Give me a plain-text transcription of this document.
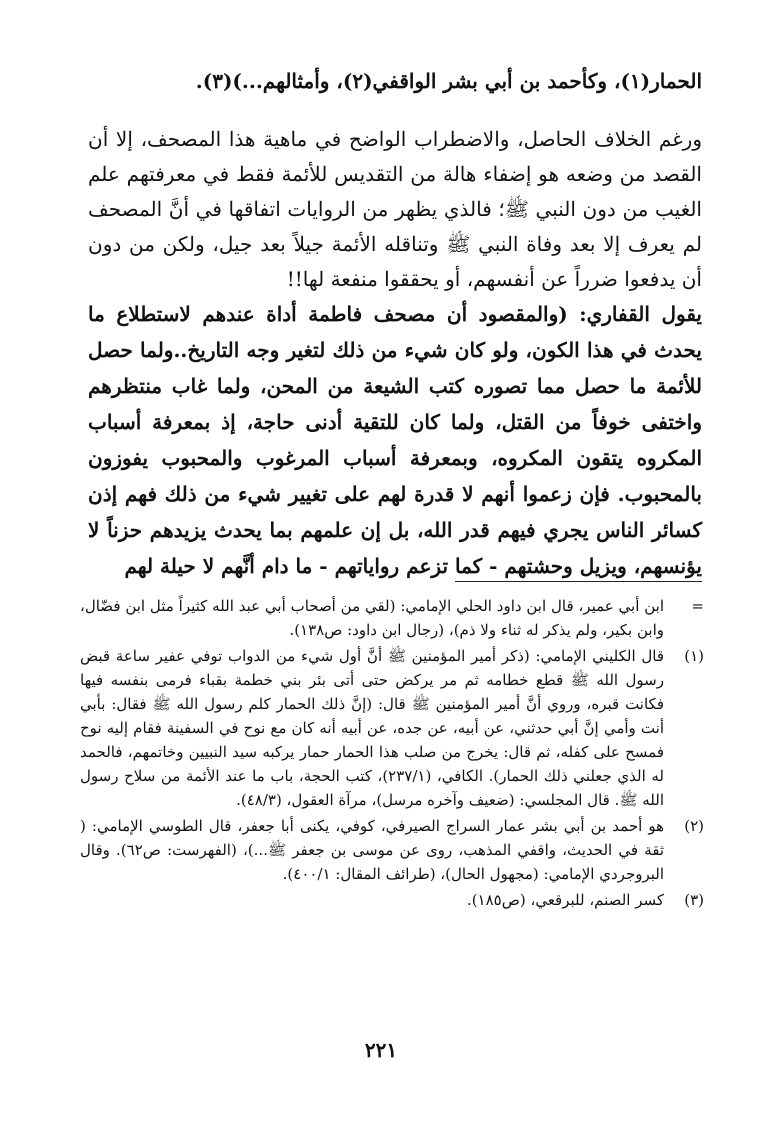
الحمار(١)، وكأحمد بن أبي بشر الواقفي(٢)، وأمثالهم...)(٣).

ورغم الخلاف الحاصل، والاضطراب الواضح في ماهية هذا المصحف، إلا أن القصد من وضعه هو إضفاء هالة من التقديس للأئمة فقط في معرفتهم علم الغيب من دون النبي ﷺ؛ فالذي يظهر من الروايات اتفاقها في أنَّ المصحف لم يعرف إلا بعد وفاة النبي ﷺ وتناقله الأئمة جيلاً بعد جيل، ولكن من دون أن يدفعوا ضرراً عن أنفسهم، أو يحققوا منفعة لها!!

يقول القفاري: (والمقصود أن مصحف فاطمة أداة عندهم لاستطلاع ما يحدث في هذا الكون، ولو كان شيء من ذلك لتغير وجه التاريخ..ولما حصل للأئمة ما حصل مما تصوره كتب الشيعة من المحن، ولما غاب منتظرهم واختفى خوفاً من القتل، ولما كان للتقية أدنى حاجة، إذ بمعرفة أسباب المكروه يتقون المكروه، وبمعرفة أسباب المرغوب والمحبوب يفوزون بالمحبوب. فإن زعموا أنهم لا قدرة لهم على تغيير شيء من ذلك فهم إذن كسائر الناس يجري فيهم قدر الله، بل إن علمهم بما يحدث يزيدهم حزناً لا يؤنسهم، ويزيل وحشتهم - كما تزعم رواياتهم - ما دام أنَّهم لا حيلة لهم

=
ابن أبي عمير، قال ابن داود الحلي الإمامي: (لقي من أصحاب أبي عبد الله كثيراً مثل ابن فضّال، وابن بكير، ولم يذكر له ثناء ولا ذم)، (رجال ابن داود: ص١٣٨).
(١)
قال الكليني الإمامي: (ذكر أمير المؤمنين ﷺ أنَّ أول شيء من الدواب توفي عفير ساعة قبض رسول الله ﷺ قطع خطامه ثم مر يركض حتى أتى بئر بني خطمة بقباء فرمى بنفسه فيها فكانت قبره، وروي أنَّ أمير المؤمنين ﷺ قال: (إنَّ ذلك الحمار كلم رسول الله ﷺ فقال: بأبي أنت وأمي إنَّ أبي حدثني، عن أبيه، عن جده، عن أبيه أنه كان مع نوح في السفينة فقام إليه نوح فمسح على كفله، ثم قال: يخرج من صلب هذا الحمار حمار يركبه سيد النبيين وخاتمهم، فالحمد له الذي جعلني ذلك الحمار). الكافي، (٢٣٧/١)، كتب الحجة، باب ما عند الأئمة من سلاح رسول الله ﷺ. قال المجلسي: (ضعيف وآخره مرسل)، مرآة العقول، (٤٨/٣).
(٢)
هو أحمد بن أبي بشر عمار السراج الصيرفي، كوفي، يكنى أبا جعفر، قال الطوسي الإمامي: ( ثقة في الحديث، واقفي المذهب، روى عن موسى بن جعفر ﷺ...)، (الفهرست: ص٦٢). وقال البروجردي الإمامي: (مجهول الحال)، (طرائف المقال: ٤٠٠/١).
(٣)
كسر الصنم، للبرقعي، (ص١٨٥).
٢٢١
